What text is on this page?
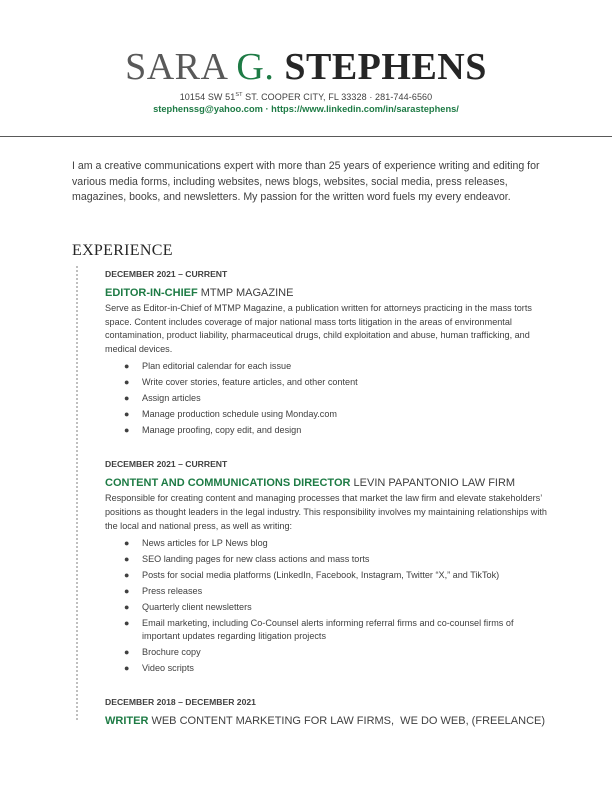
SARA G. STEPHENS
10154 SW 51ST ST. COOPER CITY, FL 33328 · 281-744-6560
stephenssg@yahoo.com · https://www.linkedin.com/in/sarastephens/
I am a creative communications expert with more than 25 years of experience writing and editing for various media forms, including websites, news blogs, websites, social media, press releases, magazines, books, and newsletters. My passion for the written word fuels my every endeavor.
EXPERIENCE
DECEMBER 2021 – CURRENT
EDITOR-IN-CHIEF MTMP MAGAZINE
Serve as Editor-in-Chief of MTMP Magazine, a publication written for attorneys practicing in the mass torts space. Content includes coverage of major national mass torts litigation in the areas of environmental contamination, product liability, pharmaceutical drugs, child exploitation and abuse, human trafficking, and medical devices.
● Plan editorial calendar for each issue
● Write cover stories, feature articles, and other content
● Assign articles
● Manage production schedule using Monday.com
● Manage proofing, copy edit, and design
DECEMBER 2021 – CURRENT
CONTENT AND COMMUNICATIONS DIRECTOR LEVIN PAPANTONIO LAW FIRM
Responsible for creating content and managing processes that market the law firm and elevate stakeholders’ positions as thought leaders in the legal industry. This responsibility involves my maintaining relationships with the local and national press, as well as writing:
● News articles for LP News blog
● SEO landing pages for new class actions and mass torts
● Posts for social media platforms (LinkedIn, Facebook, Instagram, Twitter “X,” and TikTok)
● Press releases
● Quarterly client newsletters
● Email marketing, including Co-Counsel alerts informing referral firms and co-counsel firms of important updates regarding litigation projects
● Brochure copy
● Video scripts
DECEMBER 2018 – DECEMBER 2021
WRITER WEB CONTENT MARKETING FOR LAW FIRMS,  WE DO WEB, (FREELANCE)
